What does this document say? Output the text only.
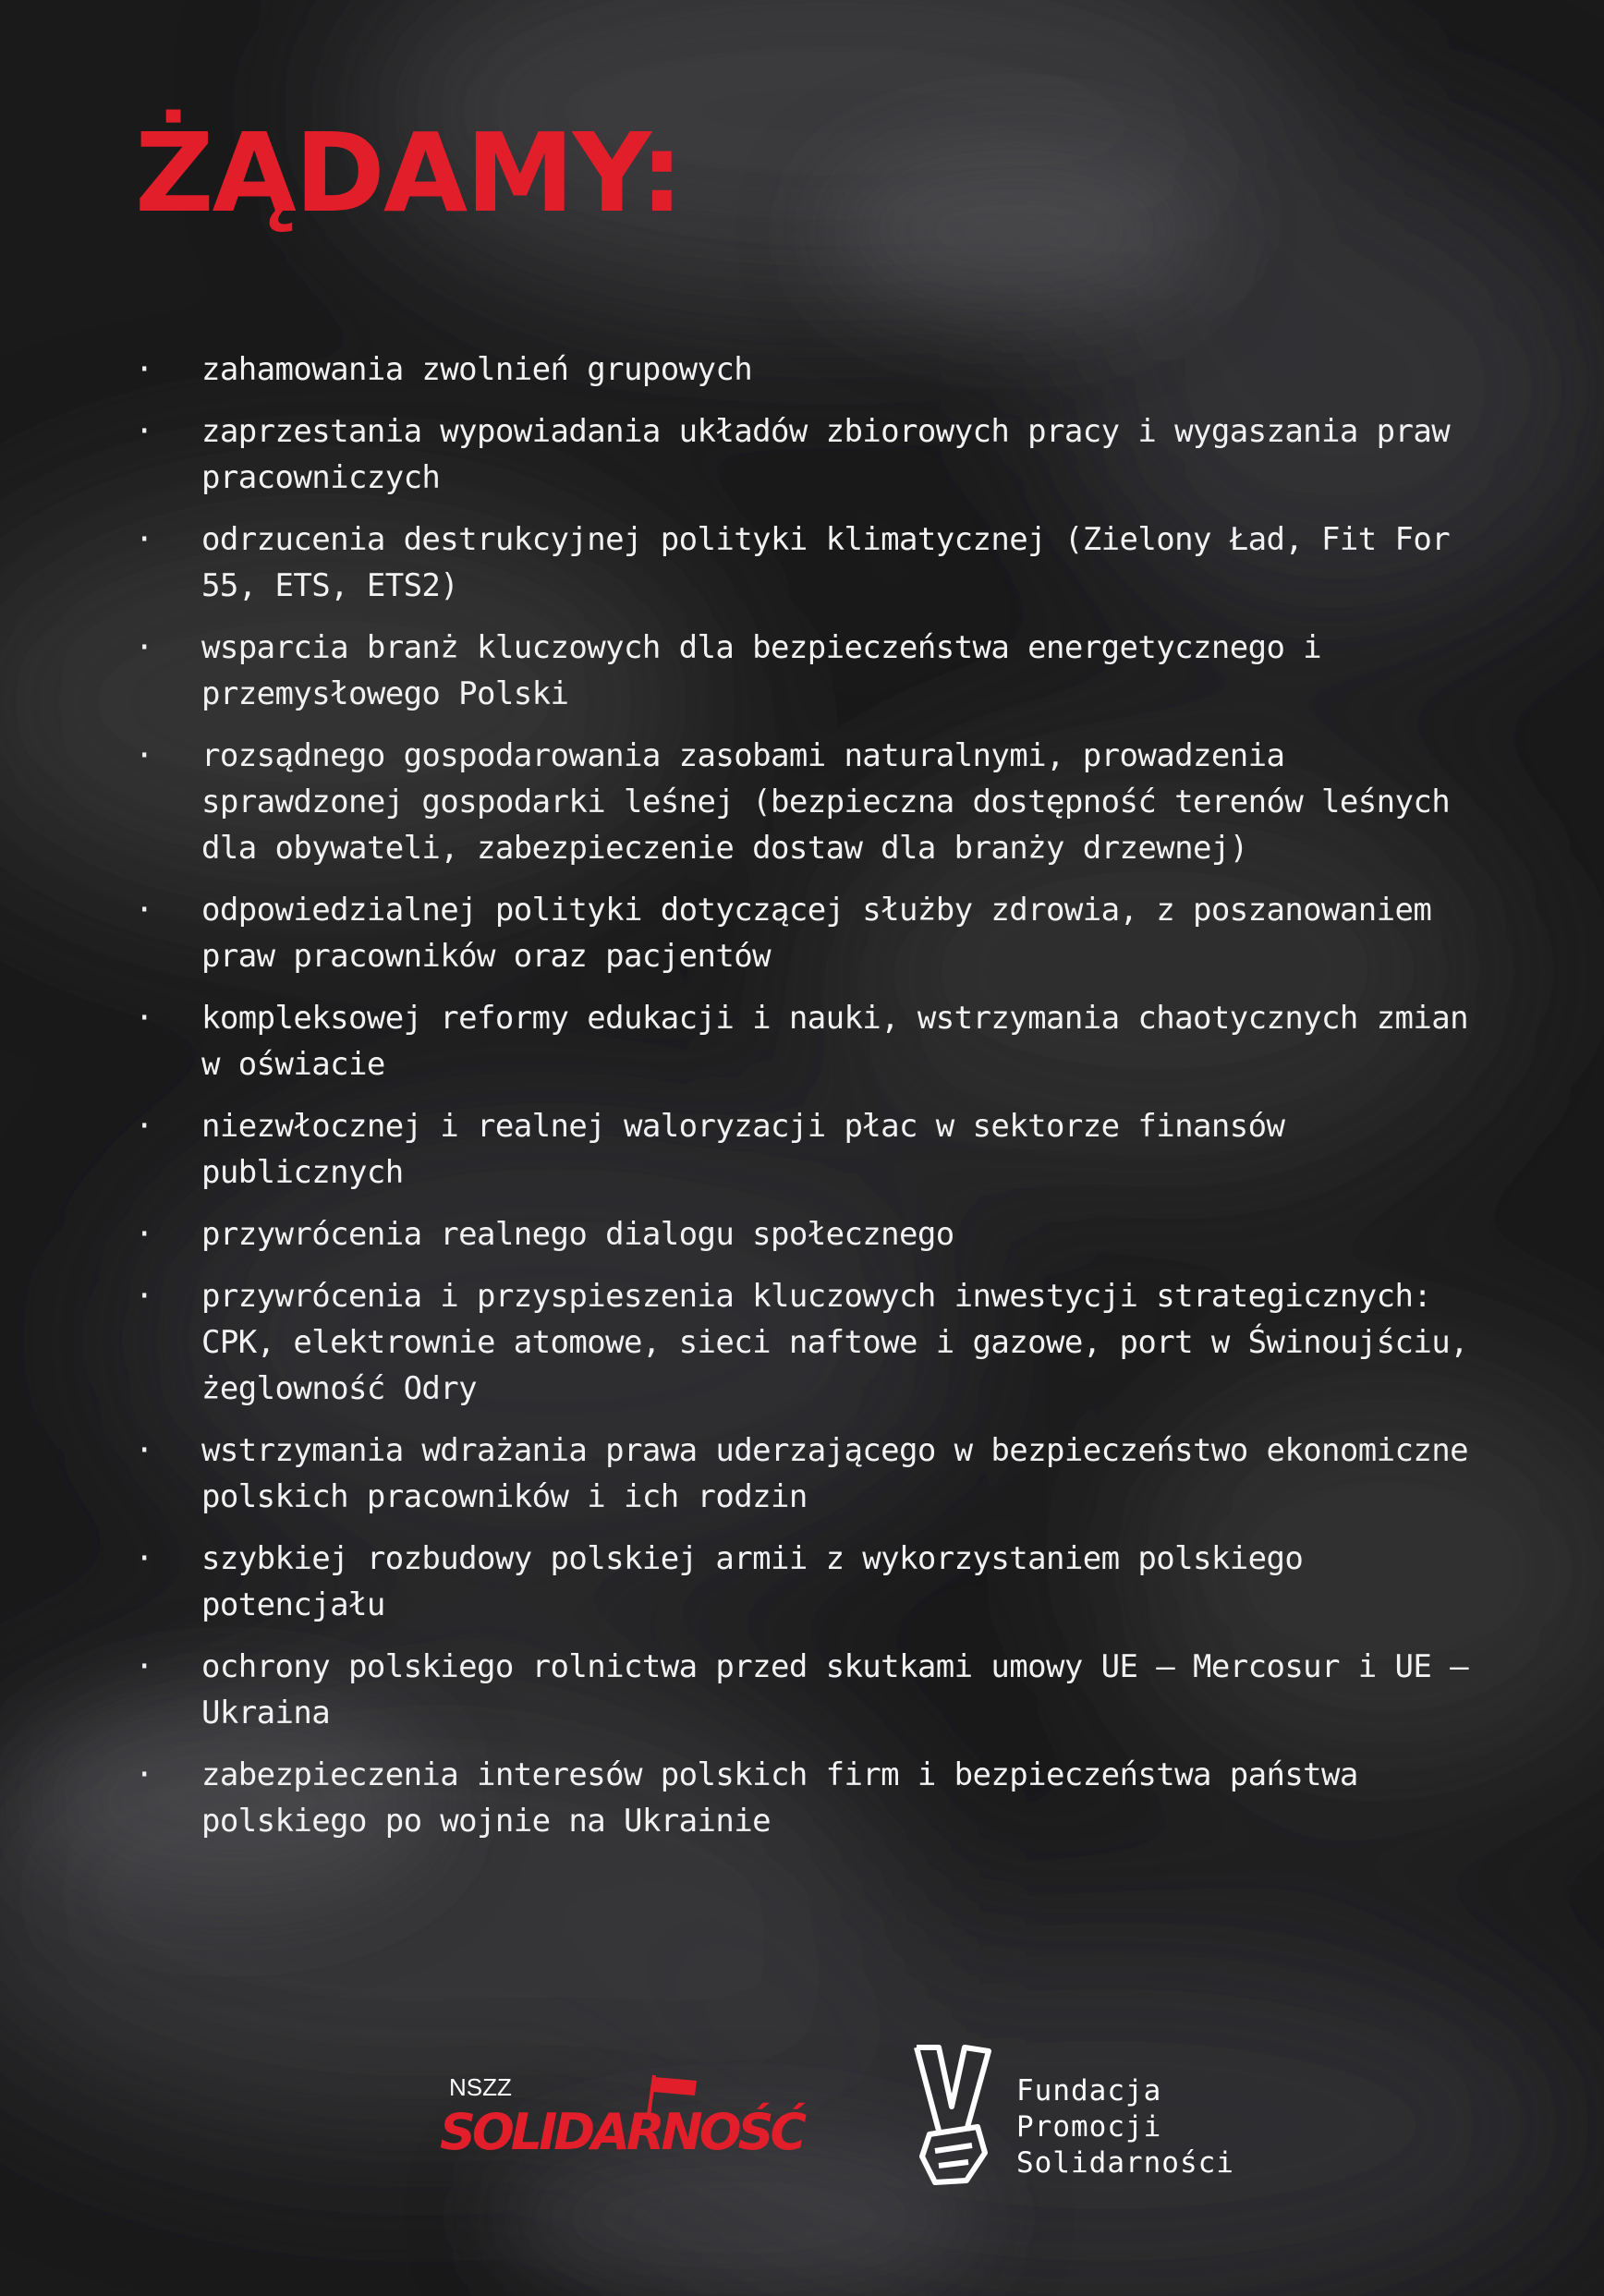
ŻĄDAMY:
· zahamowania zwolnień grupowych
· zaprzestania wypowiadania układów zbiorowych pracy i wygaszania praw pracowniczych
· odrzucenia destrukcyjnej polityki klimatycznej (Zielony Ład, Fit For 55, ETS, ETS2)
· wsparcia branż kluczowych dla bezpieczeństwa energetycznego i przemysłowego Polski
· rozsądnego gospodarowania zasobami naturalnymi, prowadzenia sprawdzonej gospodarki leśnej (bezpieczna dostępność terenów leśnych dla obywateli, zabezpieczenie dostaw dla branży drzewnej)
· odpowiedzialnej polityki dotyczącej służby zdrowia, z poszanowaniem praw pracowników oraz pacjentów
· kompleksowej reformy edukacji i nauki, wstrzymania chaotycznych zmian w oświacie
· niezwłocznej i realnej waloryzacji płac w sektorze finansów publicznych
· przywrócenia realnego dialogu społecznego
· przywrócenia i przyspieszenia kluczowych inwestycji strategicznych: CPK, elektrownie atomowe, sieci naftowe i gazowe, port w Świnoujściu, żeglowność Odry
· wstrzymania wdrażania prawa uderzającego w bezpieczeństwo ekonomiczne polskich pracowników i ich rodzin
· szybkiej rozbudowy polskiej armii z wykorzystaniem polskiego potencjału
· ochrony polskiego rolnictwa przed skutkami umowy UE – Mercosur i UE – Ukraina
· zabezpieczenia interesów polskich firm i bezpieczeństwa państwa polskiego po wojnie na Ukrainie
NSZZ
SOLIDARNOŚĆ
Fundacja
Promocji
Solidarności
